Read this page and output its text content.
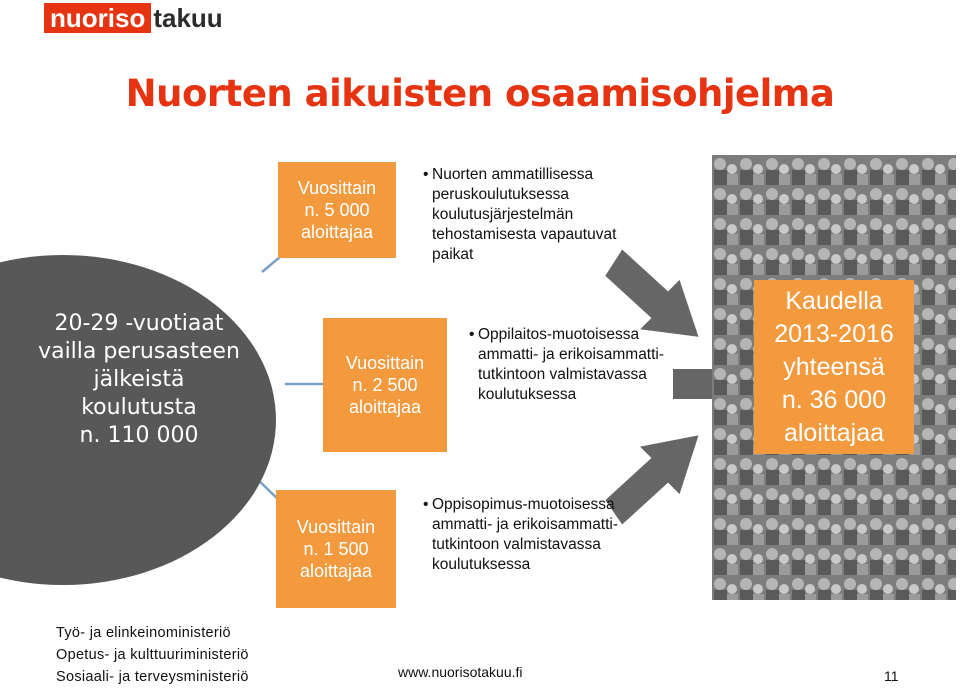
nuoriso takuu
Nuorten aikuisten osaamisohjelma
20-29 -vuotiaat
vailla perusasteen
jälkeistä
koulutusta
n. 110 000
Vuosittain
n. 5 000
aloittajaa
Vuosittain
n. 2 500
aloittajaa
Vuosittain
n. 1 500
aloittajaa
• Nuorten ammatillisessa peruskoulutuksessa koulutusjärjestelmän tehostamisesta vapautuvat paikat
• Oppilaitos-muotoisessa ammatti- ja erikoisammatti-tutkintoon valmistavassa koulutuksessa
• Oppisopimus-muotoisessa ammatti- ja erikoisammatti-tutkintoon valmistavassa koulutuksessa
Kaudella
2013-2016
yhteensä
n. 36 000
aloittajaa
Työ- ja elinkeinoministeriö
Opetus- ja kulttuuriministeriö
Sosiaali- ja terveysministeriö	www.nuorisotakuu.fi	11
